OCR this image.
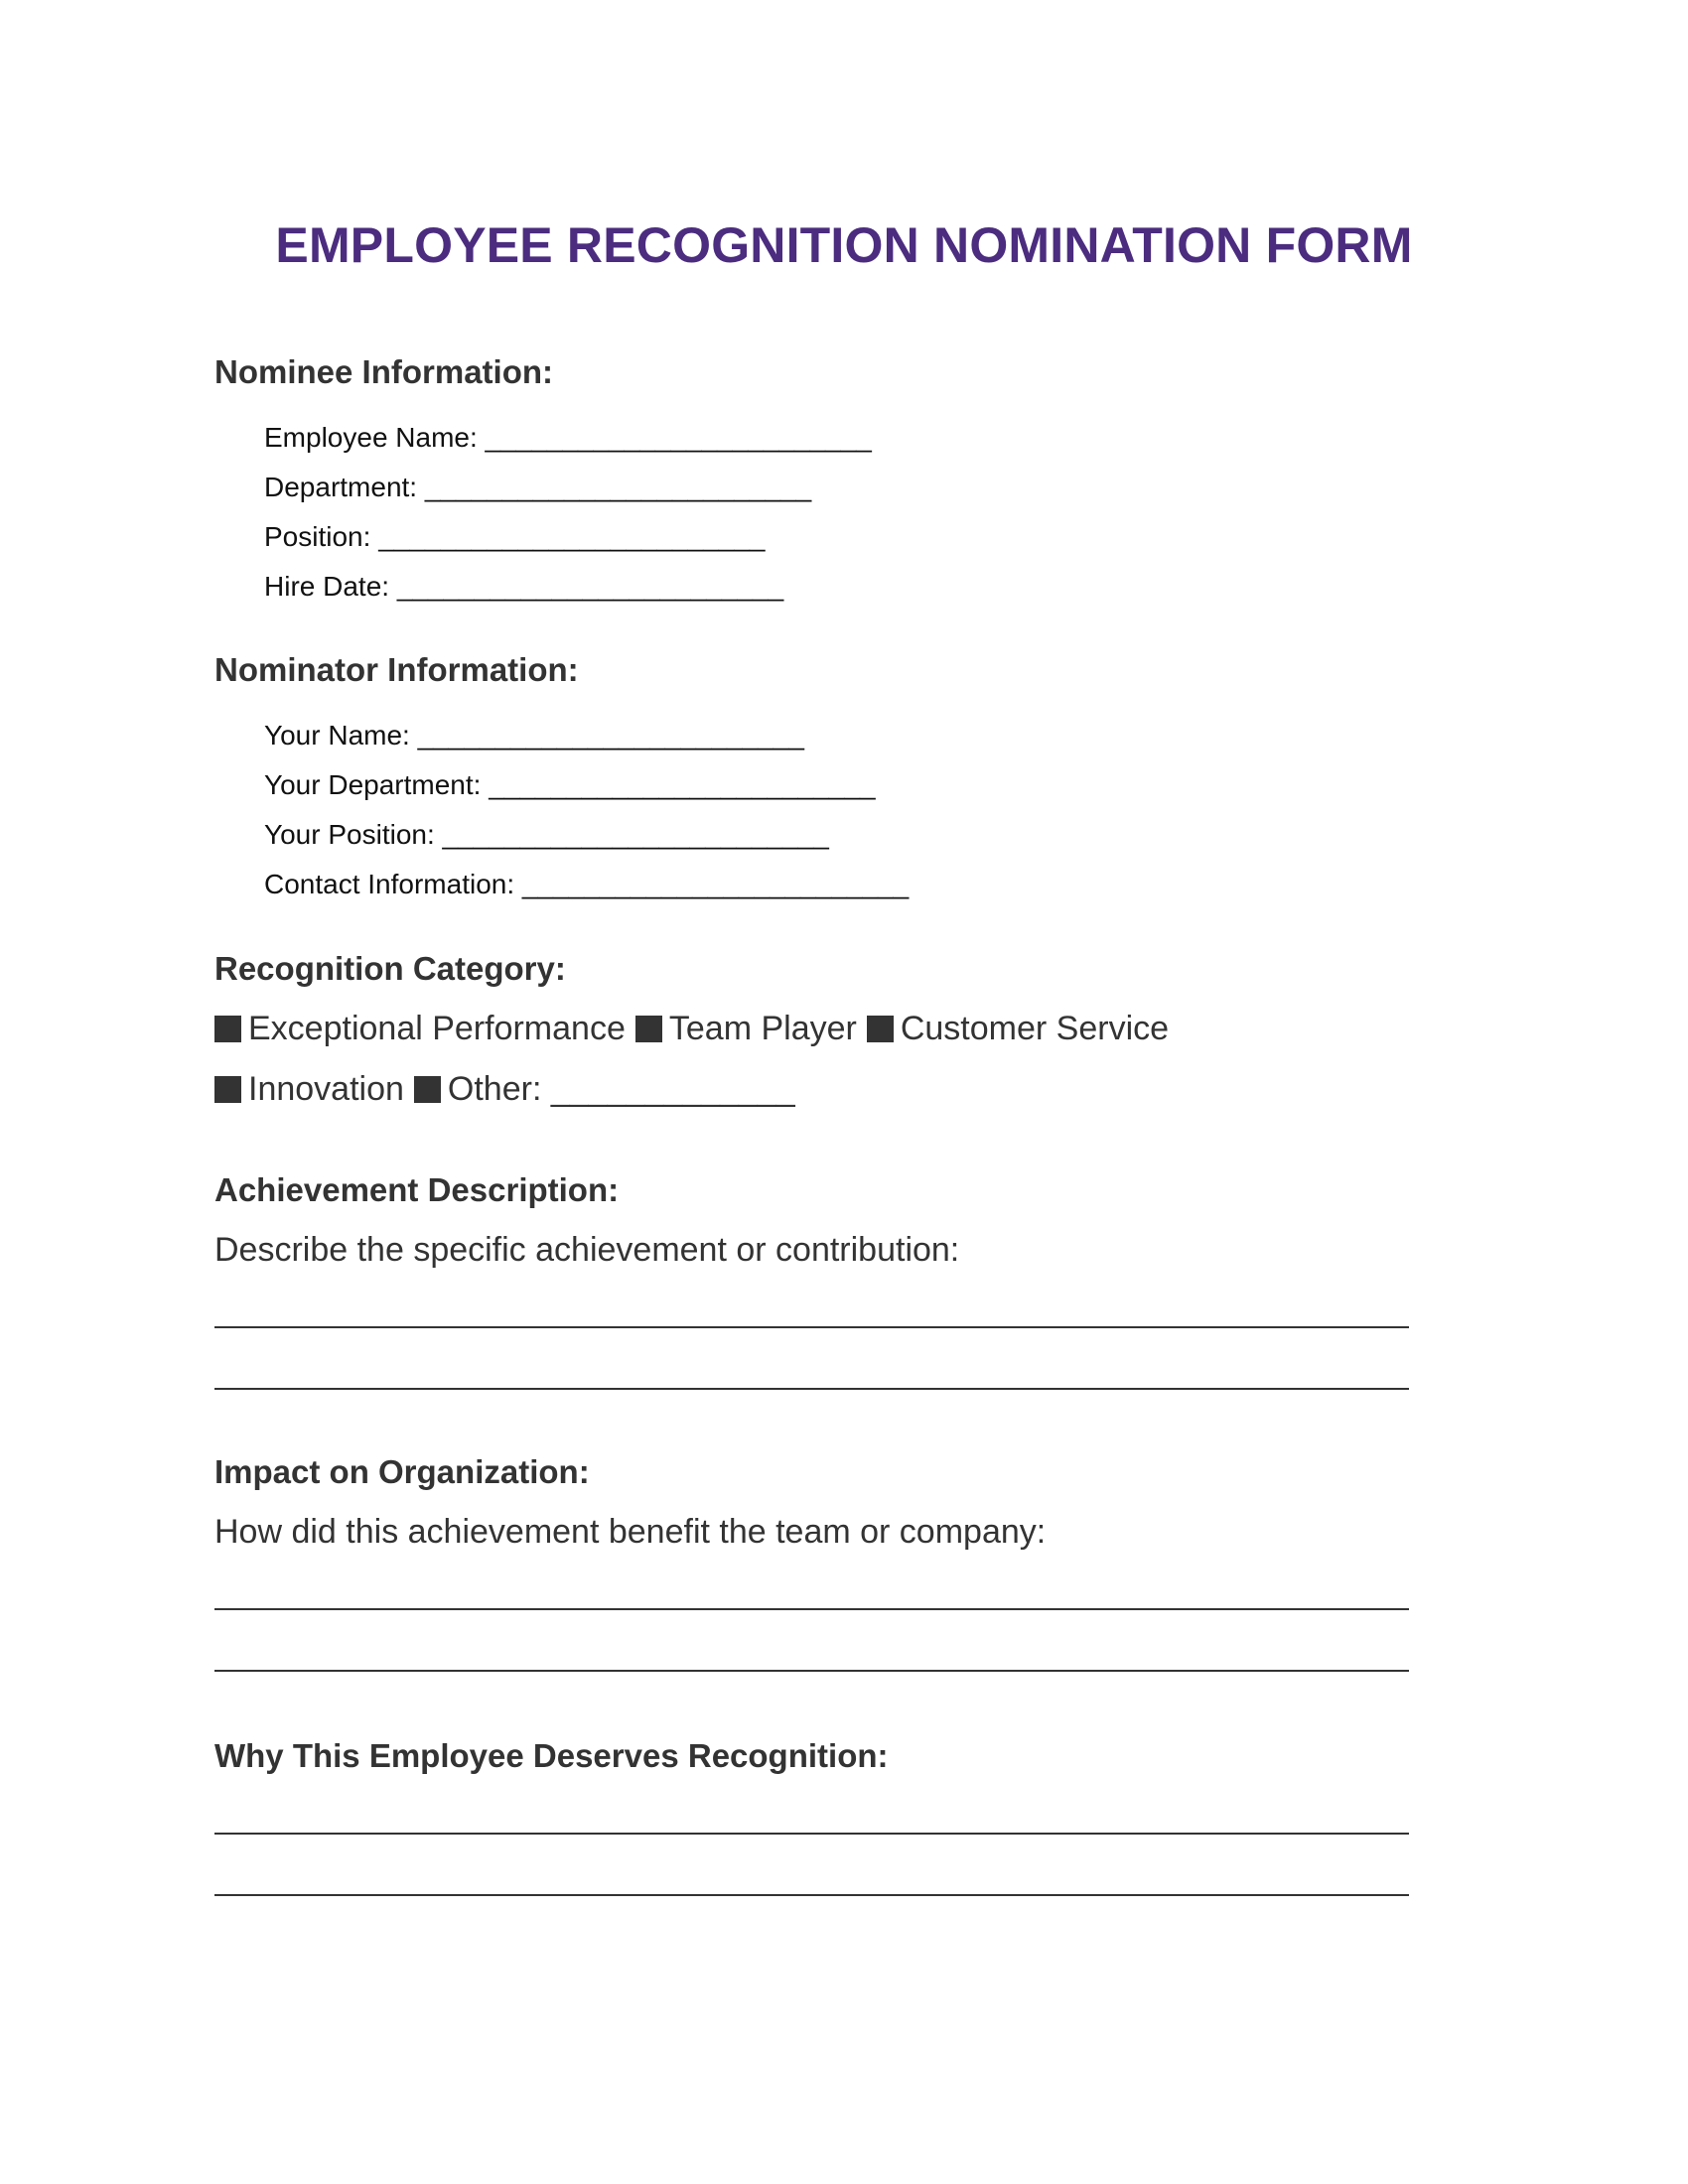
EMPLOYEE RECOGNITION NOMINATION FORM
Nominee Information:
Employee Name: _________________________
Department: _________________________
Position: _________________________
Hire Date: _________________________
Nominator Information:
Your Name: _________________________
Your Department: _________________________
Your Position: _________________________
Contact Information: _________________________
Recognition Category:
Exceptional Performance Team Player Customer Service
Innovation Other: _____________
Achievement Description:
Describe the specific achievement or contribution:
Impact on Organization:
How did this achievement benefit the team or company:
Why This Employee Deserves Recognition:
